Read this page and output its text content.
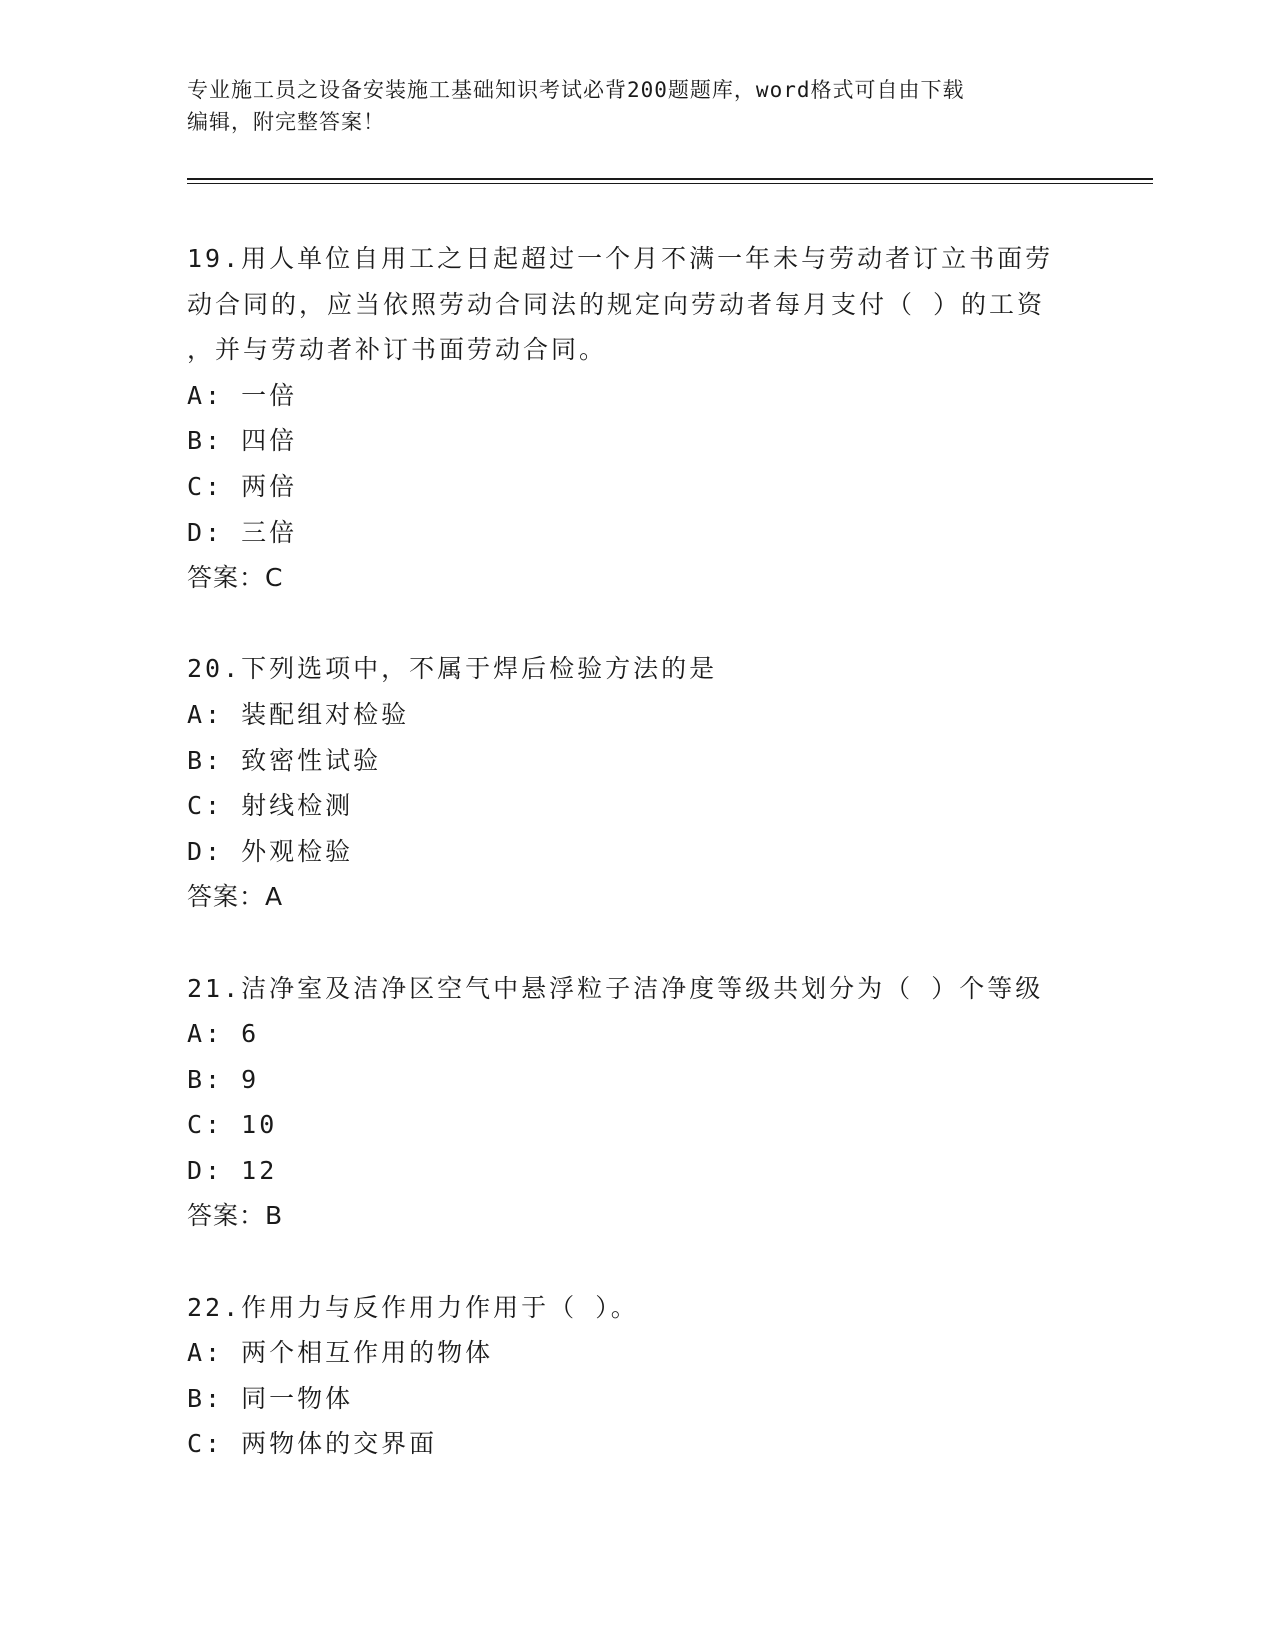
专业施工员之设备安装施工基础知识考试必背200题题库，word格式可自由下载
编辑，附完整答案！
19.用人单位自用工之日起超过一个月不满一年未与劳动者订立书面劳
动合同的，应当依照劳动合同法的规定向劳动者每月支付（ ）的工资
，并与劳动者补订书面劳动合同。
A: 一倍
B: 四倍
C: 两倍
D: 三倍
答案：C
20.下列选项中，不属于焊后检验方法的是
A: 装配组对检验
B: 致密性试验
C: 射线检测
D: 外观检验
答案：A
21.洁净室及洁净区空气中悬浮粒子洁净度等级共划分为（ ）个等级
A: 6
B: 9
C: 10
D: 12
答案：B
22.作用力与反作用力作用于（ ）。
A: 两个相互作用的物体
B: 同一物体
C: 两物体的交界面
